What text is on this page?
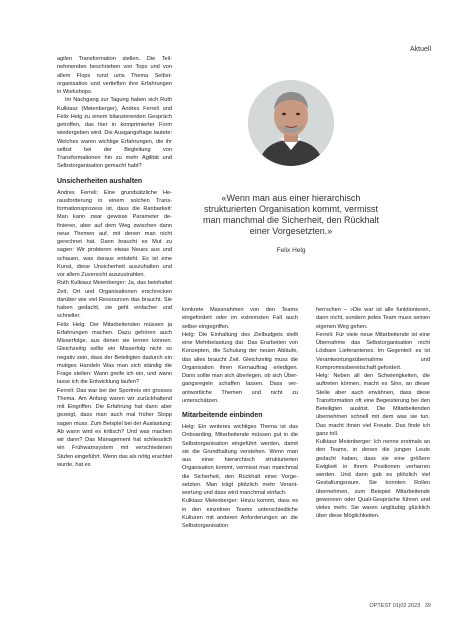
Aktuell

agilen Transformation stellen. Die Teilnehmenden beschrieben von Tops und von allem Flops rund ums Thema Selbstorganisation und vertieften ihre Erfahrungen in Workshops.

Im Nachgang zur Tagung haben sich Ruth Kulkiasz (Meienberger), Andres Ferreli und Felix Helg zu einem bilanzierenden Gespräch getroffen, das hier in komprimierter Form wiedergeben wird. Die Ausgangsfrage lautete: Welches waren wichtige Erfahrungen, die ihr selbst bei der Begleitung von Transformationen hin zu mehr Agilität und Selbstorganisation gemacht habt?

Unsicherheiten aushalten

Andres Ferreli: Eine grundsätzliche Herausforderung in einem solchen Transformationsprozess ist, dass die Ranbarkeit: Man kann zwar gewisse Parameter definieren, aber auf dem Weg zwischen dann neue Themen auf, mit denen man nicht gerechnet hat. Dann braucht es Mut zu sagen: Wir probieren etwas Neues aus und schauen, was daraus entsteht. Es ist eine Kunst, diese Unsicherheit auszuhalten und vor allem Zuversicht auszustrahlen.

Ruth Kulkiasz Meienberger: Ja, das beinhaltet Zeit, Ort und Organisationen erschrecken darüber wie viel Ressourcen das braucht. Sie haben gedacht, sie geht einfacher und schneller.

Felix Helg: Der Mitarbeitenden müssen ja Erfahrungen machen. Dazu gehören auch Misserfolge, aus denen sie lernen können. Gleichzeitig sollte ein Misserfolg nicht so negativ sein, dass der Beteiligten dadurch ein mutiges Handeln Was man sich ständig die Frage stellen: Wann greife ich ein, und wann lasse ich die Entwicklung laufen?

Ferreli: Das war bei der Sportreis ein grosses Thema. Am Anfang waren wir zurückhaltend mit Eingriffen. Die Erfahrung hat dann aber gezeigt, dass man auch mal früher Stopp sagen muss. Zum Beispiel bei der Auslastung: Ab wann wird es kritisch? Und was machen wir dann? Das Management hat schliesslich ein Frühwarnsystem mit verschiedenen Stufen eingeführt. Wenn das als nötig erachtet wurde, hat es

«Wenn man aus einer hierarchisch strukturierten Organisation kommt, vermisst man manchmal die Sicherheit, den Rückhalt einer Vorgesetzten.»

Felix Helg

konkrete Massnahmen von den Teams eingefordert oder im extremsten Fall auch selber eingegriffen.

Helg: Die Einhaltung des Zielbudgets stellt eine Mehrbelastung dar. Das Erarbeiten von Konzepten, die Schulung der neuen Abläufe, das alles braucht Zeit. Gleichzeitig muss die Organisation ihren Kernauftrag erledigen. Dann sollte man sich überlegen, ob sich Übergangsregeln schaffen lassen. Dass verantwortliche Themen und nicht zu unterschätzen.

Mitarbeitende einbinden

Helg: Ein weiteres wichtiges Thema ist das Onboarding. Mitarbeitende müssen gut in die Selbstorganisation eingeführt werden, damit sie die Grundhaltung verstehen. Wenn man aus einer hierarchisch strukturierten Organisation kommt, vermisst man manchmal die Sicherheit, den Rückhalt einer Vorgesetzten. Man trägt plötzlich mehr Verantwortung und dass wird manchmal einfach.

Kulkiasz Meienberger: Hinzu kommt, dass es in den einzelnen Teams unterschiedliche Kulturen mit anderen Anforderungen an die Selbstorganisation

herrschen – »Die war ist alle funktionieren, dann nicht, sondern jedes Team muss seinen eigenen Weg gehen.

Ferreli: Für viele neue Mitarbeitende ist eine Übernahme das Selbstorganisation nicht Lösbare Lieferantenes. Im Gegenteil: es ist Verantwortungsübernahme und Kompromissbereitschaft gefordert.

Helg: Neben all den Schwierigkeiten, die auftreten können, macht es Sinn, an dieser Stelle aber auch erwähnen, dass diese Transformation oft eine Begeisterung bei den Beteiligten auslöst. Die Mitarbeitenden übernehmen schnell mit dem was sie tun. Das macht ihnen viel Freude. Das finde ich ganz toll.

Kulkiasz Meienberger: Ich nenne erstmals an den Teams, in denen die jungen Leute gedacht haben, dass sie eine größere Ewigkeit in ihrem Positionen verharren werden. Und dann gab es plötzlich viel Gestaltungsraum. Sie konnten Rollen übernehmen, zum Beispiel Mitarbeitende gewonnen oder Quali-Gespräche führen und vieles mehr. Sie waren ungläubig glücklich über diese Möglichkeiten.

OPTEST 01|02 2023 39
